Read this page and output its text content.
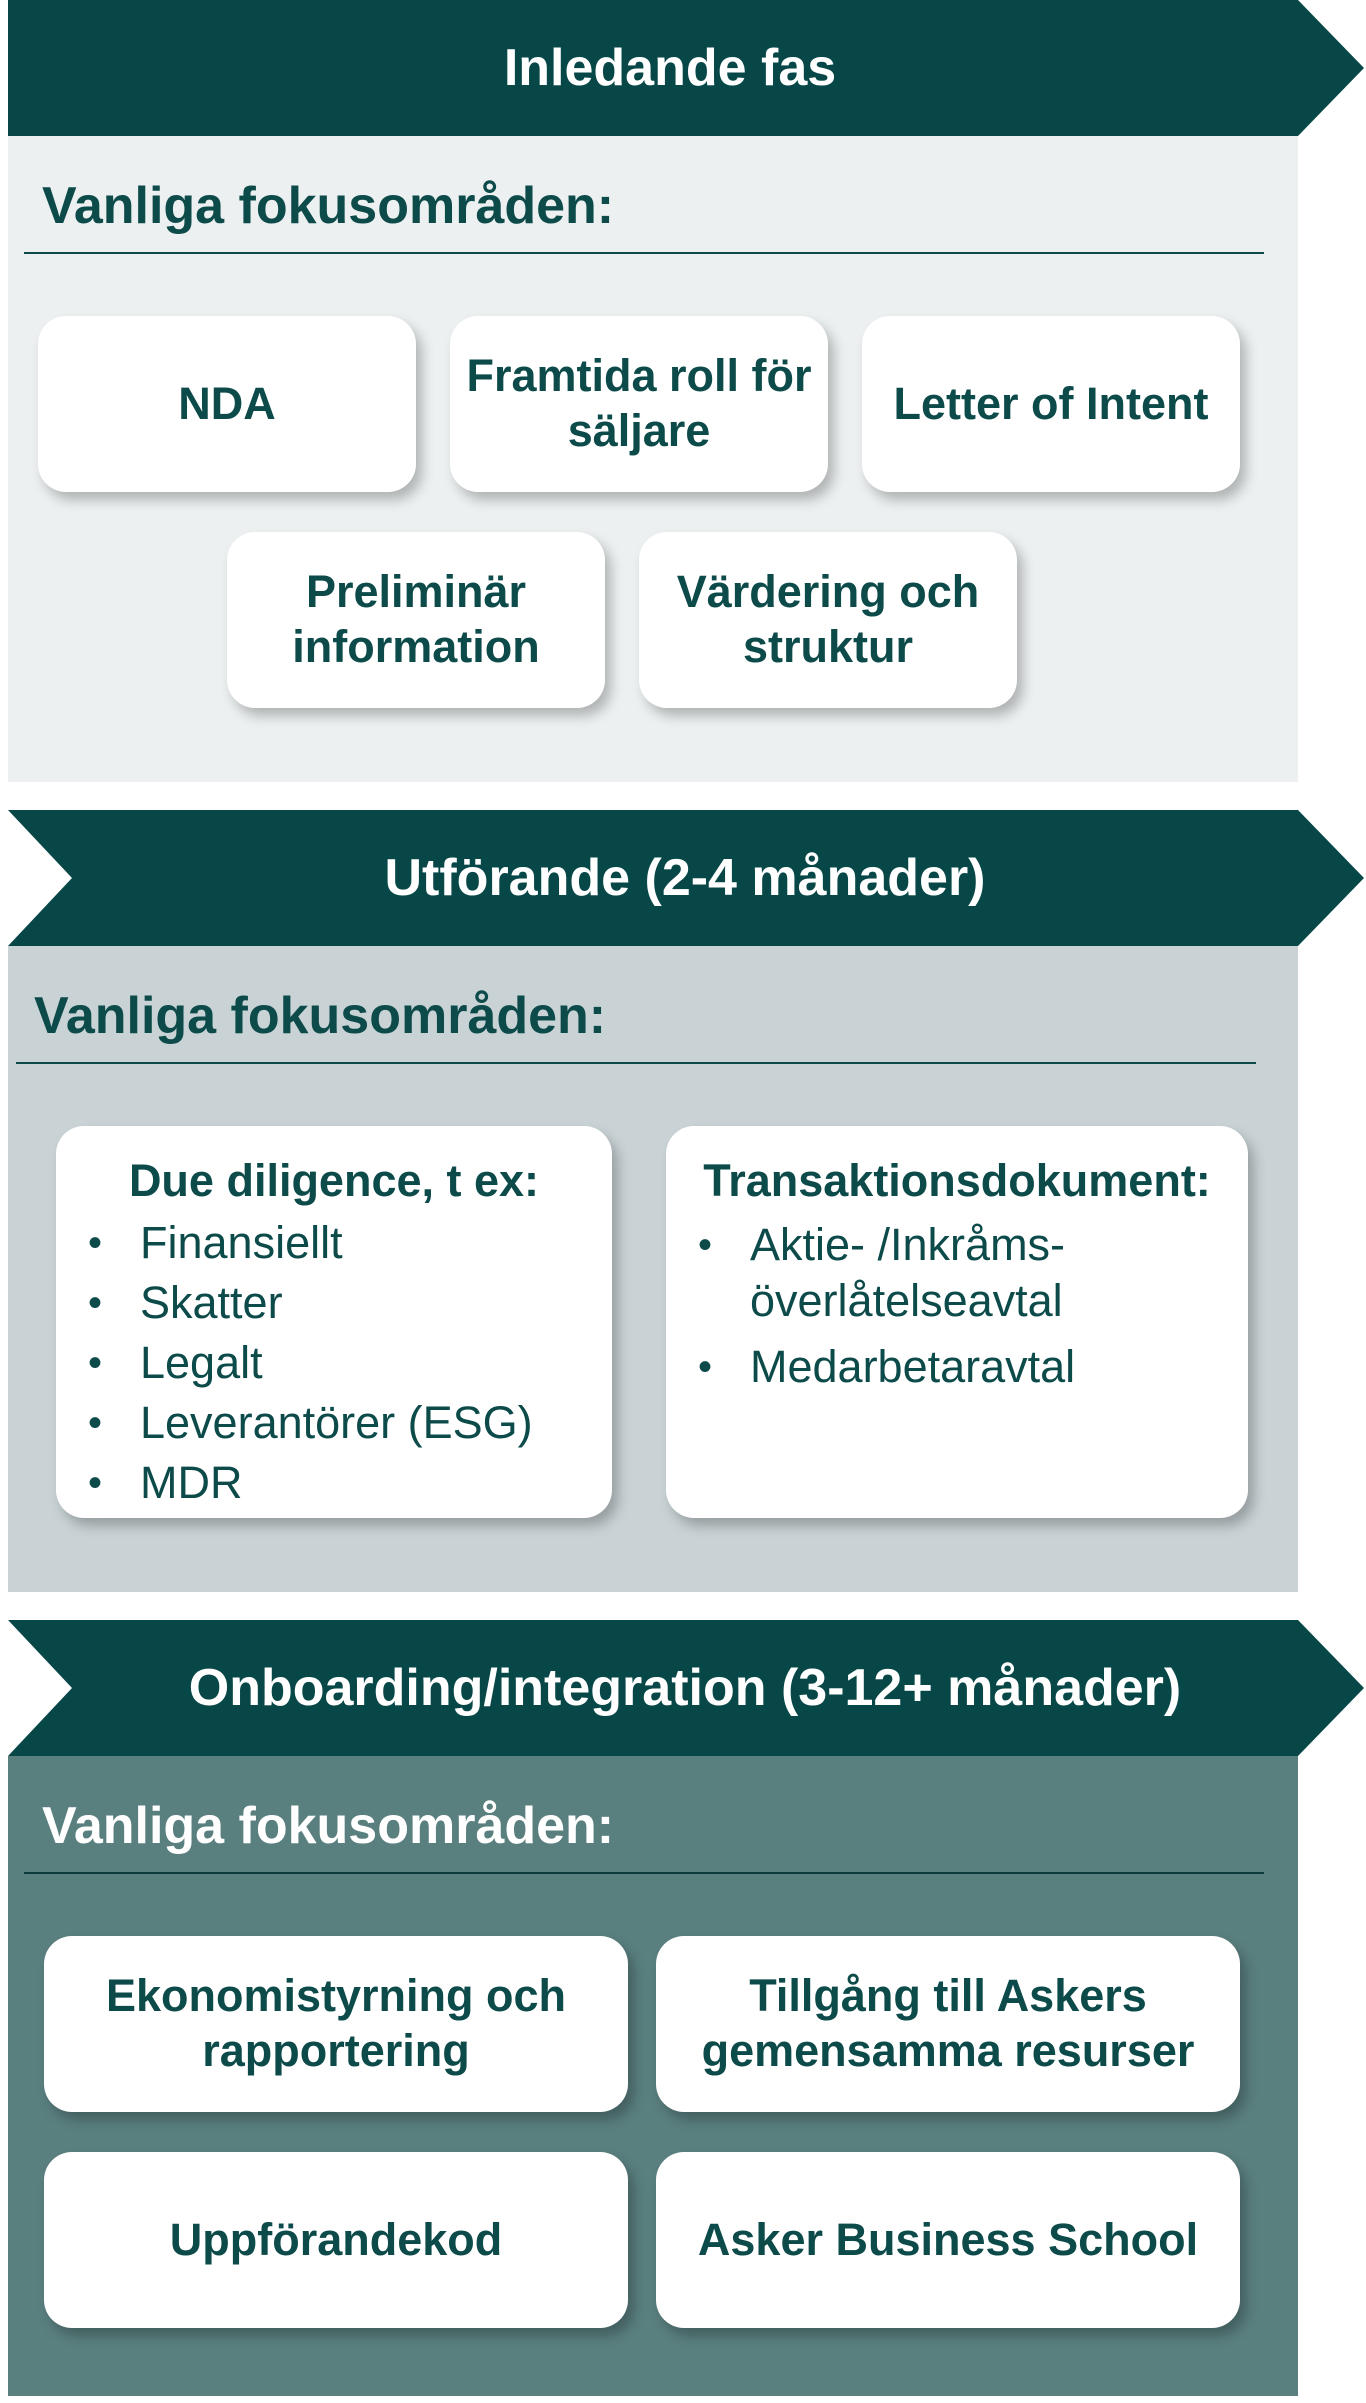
Inledande fas
Vanliga fokusområden:
NDA
Framtida roll för säljare
Letter of Intent
Preliminär information
Värdering och struktur
Utförande (2-4 månader)
Vanliga fokusområden:
Due diligence, t ex:
• Finansiellt
• Skatter
• Legalt
• Leverantörer (ESG)
• MDR
Transaktionsdokument:
• Aktie- /Inkråms-överlåtelseavtal
• Medarbetaravtal
Onboarding/integration (3-12+ månader)
Vanliga fokusområden:
Ekonomistyrning och rapportering
Tillgång till Askers gemensamma resurser
Uppförandekod	Asker Business School
